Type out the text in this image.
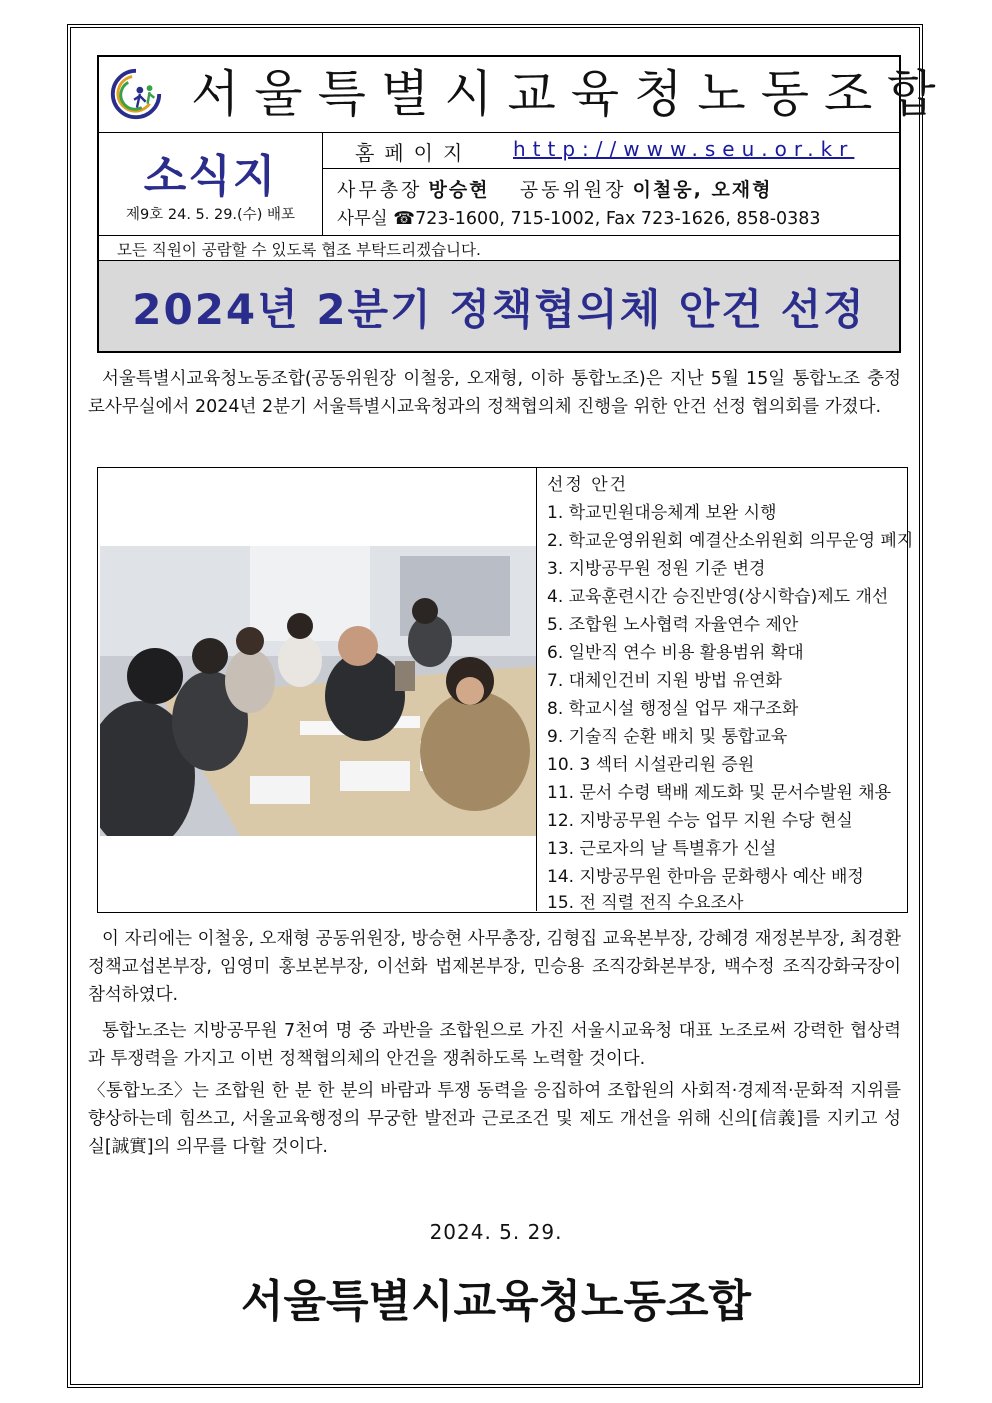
서울특별시교육청노동조합
소식지
제9호 24. 5. 29.(수) 배포
홈페이지 http://www.seu.or.kr
사무총장 방승현 공동위원장 이철웅, 오재형
사무실 ☎723-1600, 715-1002, Fax 723-1626, 858-0383
모든 직원이 공람할 수 있도록 협조 부탁드리겠습니다.
2024년 2분기 정책협의체 안건 선정
서울특별시교육청노동조합(공동위원장 이철웅, 오재형, 이하 통합노조)은 지난 5월 15일 통합노조 충정로사무실에서 2024년 2분기 서울특별시교육청과의 정책협의체 진행을 위한 안건 선정 협의회를 가졌다.
선정 안건
1. 학교민원대응체계 보완 시행
2. 학교운영위원회 예결산소위원회 의무운영 폐지
3. 지방공무원 정원 기준 변경
4. 교육훈련시간 승진반영(상시학습)제도 개선
5. 조합원 노사협력 자율연수 제안
6. 일반직 연수 비용 활용범위 확대
7. 대체인건비 지원 방법 유연화
8. 학교시설 행정실 업무 재구조화
9. 기술직 순환 배치 및 통합교육
10. 3 섹터 시설관리원 증원
11. 문서 수령 택배 제도화 및 문서수발원 채용
12. 지방공무원 수능 업무 지원 수당 현실
13. 근로자의 날 특별휴가 신설
14. 지방공무원 한마음 문화행사 예산 배정
15. 전 직렬 전직 수요조사
이 자리에는 이철웅, 오재형 공동위원장, 방승현 사무총장, 김형집 교육본부장, 강혜경 재정본부장, 최경환 정책교섭본부장, 임영미 홍보본부장, 이선화 법제본부장, 민승용 조직강화본부장, 백수정 조직강화국장이 참석하였다.
통합노조는 지방공무원 7천여 명 중 과반을 조합원으로 가진 서울시교육청 대표 노조로써 강력한 협상력과 투쟁력을 가지고 이번 정책협의체의 안건을 쟁취하도록 노력할 것이다.
〈통합노조〉는 조합원 한 분 한 분의 바람과 투쟁 동력을 응집하여 조합원의 사회적·경제적·문화적 지위를 향상하는데 힘쓰고, 서울교육행정의 무궁한 발전과 근로조건 및 제도 개선을 위해 신의[信義]를 지키고 성실[誠實]의 의무를 다할 것이다.
2024. 5. 29.
서울특별시교육청노동조합
